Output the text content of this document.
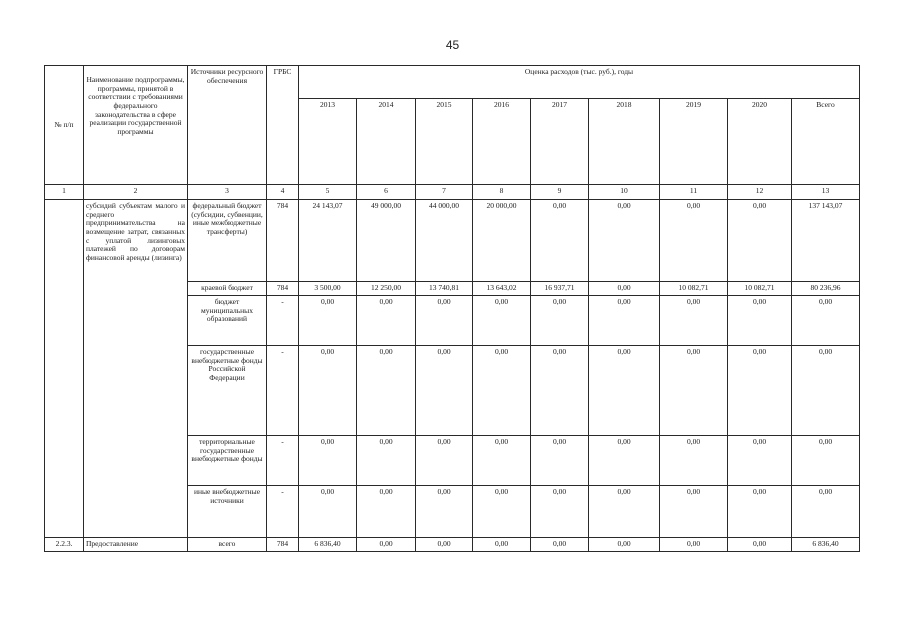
45
№ п/п	Наименование подпрограммы, программы, принятой в соответствии с требованиями федерального законодательства в сфере реализации государственной программы	Источники ресурсного обеспечения	ГРБС	Оценка расходов (тыс. руб.), годы								
				2013	2014	2015	2016	2017	2018	2019	2020	Всего
1	2	3	4	5	6	7	8	9	10	11	12	13
	субсидий субъектам малого и среднего предпринимательства на возмещение затрат, связанных с уплатой лизинговых платежей по договорам финансовой аренды (лизинга)	федеральный бюджет (субсидии, субвенции, иные межбюджетные трансферты)	784	24 143,07	49 000,00	44 000,00	20 000,00	0,00	0,00	0,00	0,00	137 143,07
		краевой бюджет	784	3 500,00	12 250,00	13 740,81	13 643,02	16 937,71	0,00	10 082,71	10 082,71	80 236,96
		бюджет муниципальных образований	-	0,00	0,00	0,00	0,00	0,00	0,00	0,00	0,00	0,00
		государственные внебюджетные фонды Российской Федерации	-	0,00	0,00	0,00	0,00	0,00	0,00	0,00	0,00	0,00
		территориальные государственные внебюджетные фонды	-	0,00	0,00	0,00	0,00	0,00	0,00	0,00	0,00	0,00
		иные внебюджетные источники	-	0,00	0,00	0,00	0,00	0,00	0,00	0,00	0,00	0,00
2.2.3.	Предоставление	всего	784	6 836,40	0,00	0,00	0,00	0,00	0,00	0,00	0,00	6 836,40
